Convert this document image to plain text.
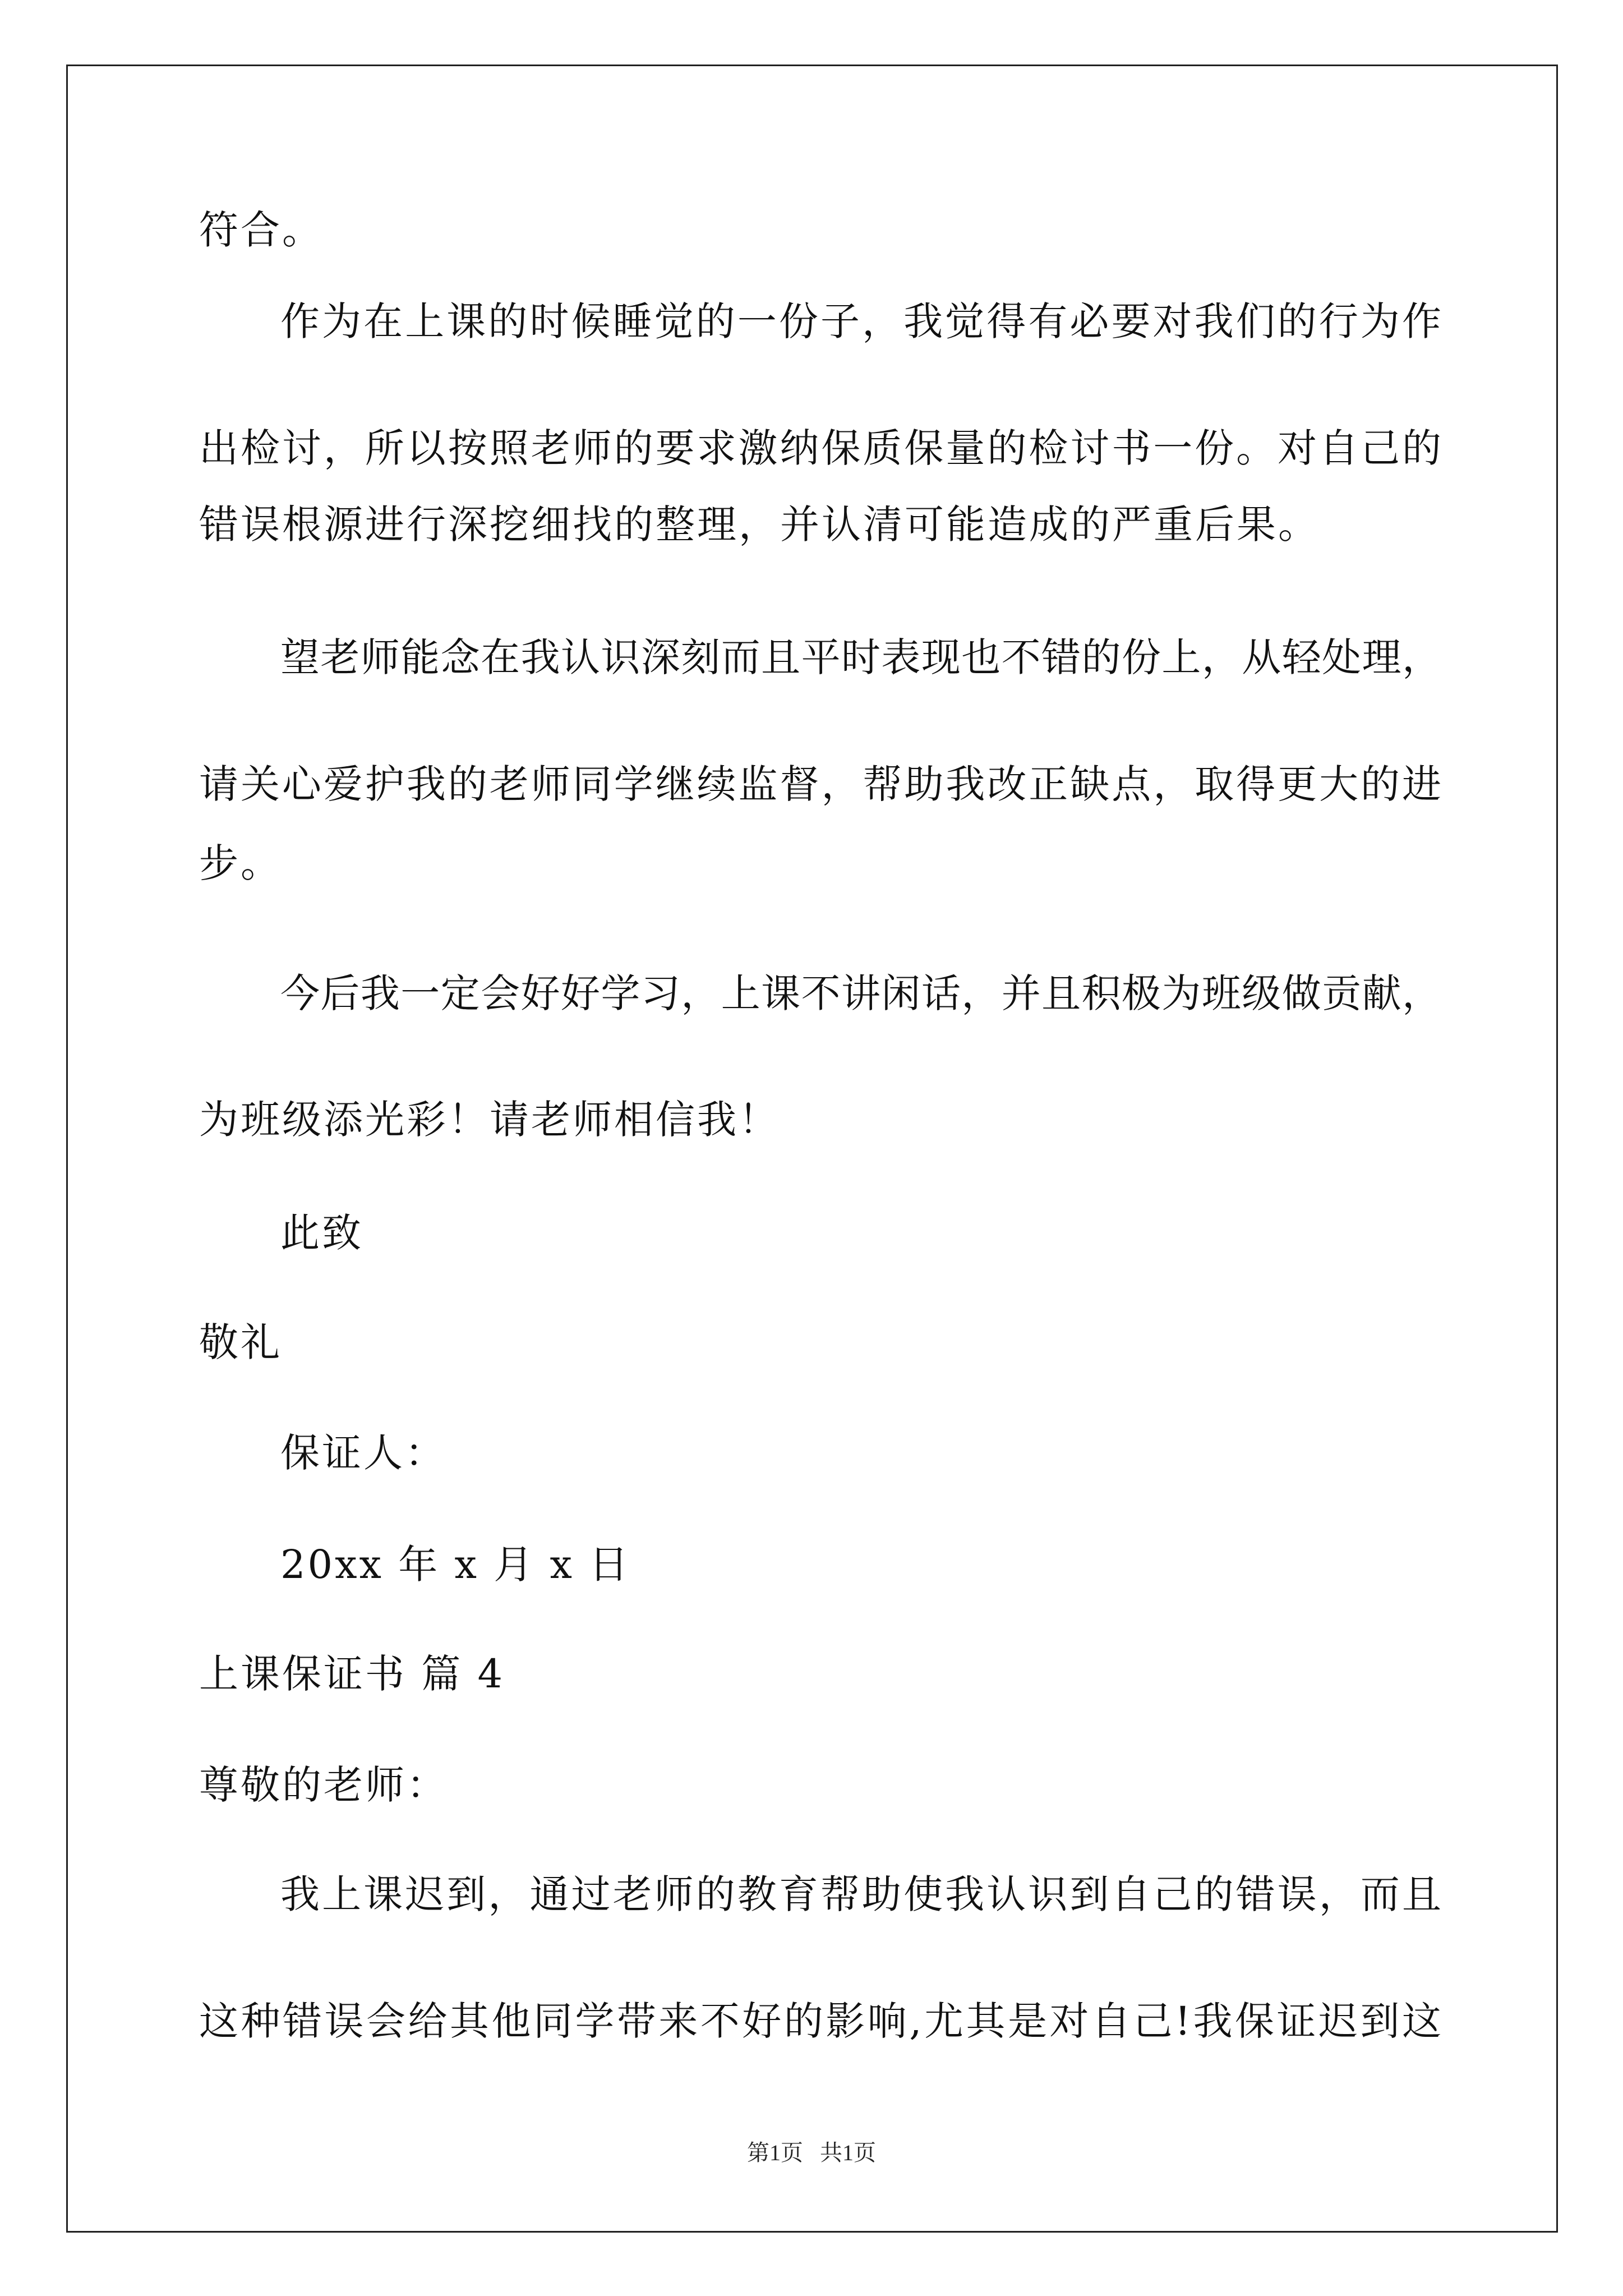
符合。
作为在上课的时候睡觉的一份子，我觉得有必要对我们的行为作
出检讨，所以按照老师的要求激纳保质保量的检讨书一份。对自己的
错误根源进行深挖细找的整理，并认清可能造成的严重后果。
望老师能念在我认识深刻而且平时表现也不错的份上，从轻处理，
请关心爱护我的老师同学继续监督，帮助我改正缺点，取得更大的进
步。
今后我一定会好好学习，上课不讲闲话，并且积极为班级做贡献，
为班级添光彩！请老师相信我！
此致
敬礼
保证人：
20xx 年 x 月 x 日
上课保证书 篇 4
尊敬的老师：
我上课迟到，通过老师的教育帮助使我认识到自己的错误，而且
这种错误会给其他同学带来不好的影响,尤其是对自己!我保证迟到这
第1页   共1页
